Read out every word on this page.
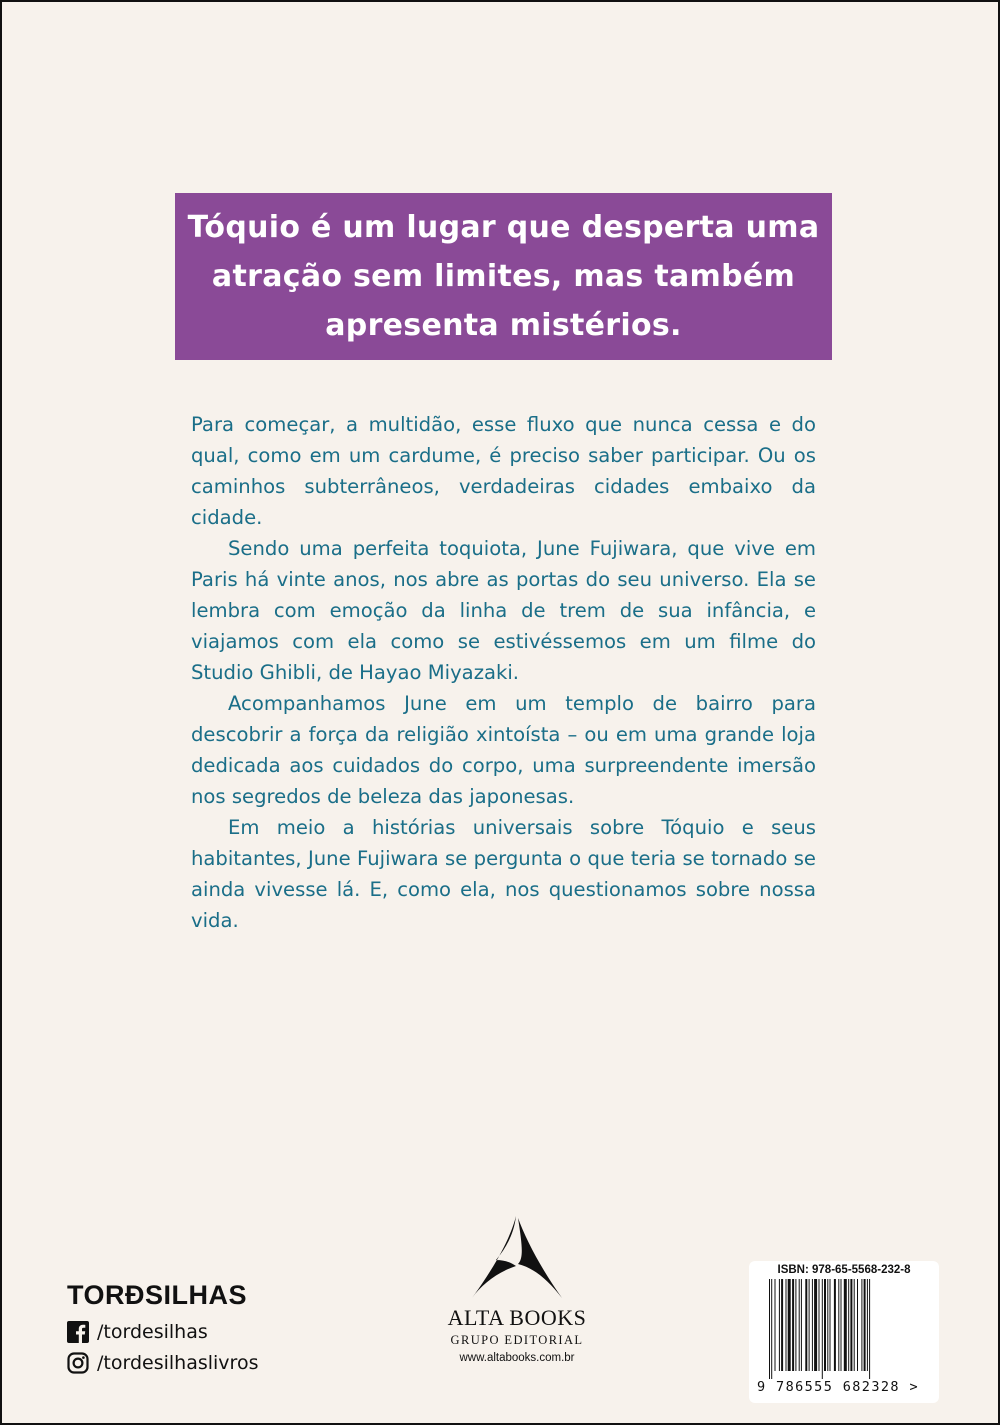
Tóquio é um lugar que desperta uma atração sem limites, mas também apresenta mistérios.

Para começar, a multidão, esse fluxo que nunca cessa e do qual, como em um cardume, é preciso saber participar. Ou os caminhos subterrâneos, verdadeiras cidades embaixo da cidade.

Sendo uma perfeita toquiota, June Fujiwara, que vive em Paris há vinte anos, nos abre as portas do seu universo. Ela se lembra com emoção da linha de trem de sua infância, e viajamos com ela como se estivéssemos em um filme do Studio Ghibli, de Hayao Miyazaki.

Acompanhamos June em um templo de bairro para descobrir a força da religião xintoísta – ou em uma grande loja dedicada aos cuidados do corpo, uma surpreendente imersão nos segredos de beleza das japonesas.

Em meio a histórias universais sobre Tóquio e seus habitantes, June Fujiwara se pergunta o que teria se tornado se ainda vivesse lá. E, como ela, nos questionamos sobre nossa vida.

TORÐSILHAS
/tordesilhas
/tordesilhaslivros
ALTA BOOKS
GRUPO EDITORIAL
www.altabooks.com.br
ISBN: 978-65-5568-232-8
9 786555 682328 >
